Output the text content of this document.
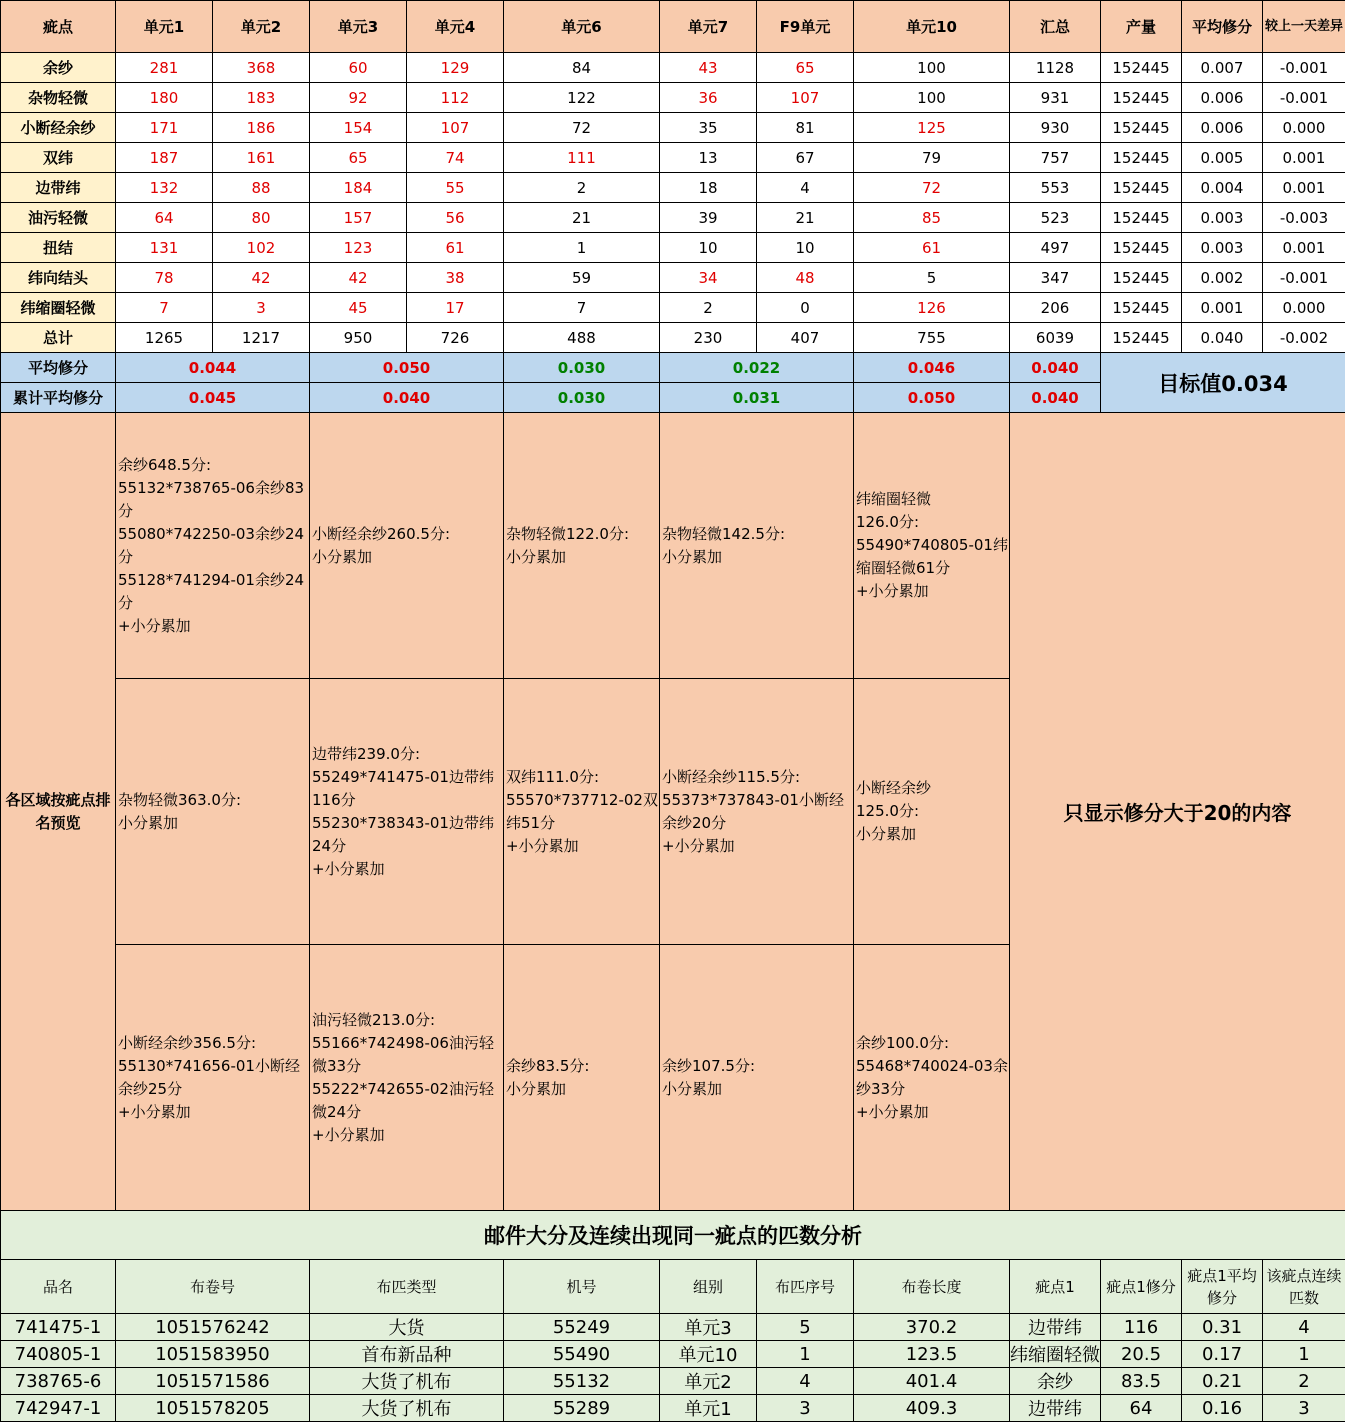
疵点	单元1	单元2	单元3	单元4	单元6	单元7	F9单元	单元10	汇总	产量	平均修分	较上一天差异
余纱	281	368	60	129	84	43	65	100	1128	152445	0.007	-0.001
杂物轻微	180	183	92	112	122	36	107	100	931	152445	0.006	-0.001
小断经余纱	171	186	154	107	72	35	81	125	930	152445	0.006	0.000
双纬	187	161	65	74	111	13	67	79	757	152445	0.005	0.001
边带纬	132	88	184	55	2	18	4	72	553	152445	0.004	0.001
油污轻微	64	80	157	56	21	39	21	85	523	152445	0.003	-0.003
扭结	131	102	123	61	1	10	10	61	497	152445	0.003	0.001
纬向结头	78	42	42	38	59	34	48	5	347	152445	0.002	-0.001
纬缩圈轻微	7	3	45	17	7	2	0	126	206	152445	0.001	0.000
总计	1265	1217	950	726	488	230	407	755	6039	152445	0.040	-0.002
平均修分	0.044		0.050		0.030	0.022		0.046	0.040	目标值0.034		
累计平均修分	0.045		0.040		0.030	0.031		0.050	0.040			
各区域按疵点排名预览	余纱648.5分:
55132*738765-06余纱83分
55080*742250-03余纱24分
55128*741294-01余纱24分
+小分累加		小断经余纱260.5分:
小分累加		杂物轻微122.0分:
小分累加	杂物轻微142.5分:
小分累加		纬缩圈轻微
126.0分:
55490*740805-01纬缩圈轻微61分
+小分累加	只显示修分大于20的内容			
	杂物轻微363.0分:
小分累加		边带纬239.0分:
55249*741475-01边带纬116分
55230*738343-01边带纬24分
+小分累加		双纬111.0分:
55570*737712-02双纬51分
+小分累加	小断经余纱115.5分:
55373*737843-01小断经余纱20分
+小分累加		小断经余纱
125.0分:
小分累加				
	小断经余纱356.5分:
55130*741656-01小断经余纱25分
+小分累加		油污轻微213.0分:
55166*742498-06油污轻微33分
55222*742655-02油污轻微24分
+小分累加		余纱83.5分:
小分累加	余纱107.5分:
小分累加		余纱100.0分:
55468*740024-03余纱33分
+小分累加				
邮件大分及连续出现同一疵点的匹数分析												
品名	布卷号		布匹类型		机号	组别	布匹序号	布卷长度	疵点1	疵点1修分	疵点1平均修分	该疵点连续匹数
741475-1	1051576242		大货		55249	单元3	5	370.2	边带纬	116	0.31	4
740805-1	1051583950		首布新品种		55490	单元10	1	123.5	纬缩圈轻微	20.5	0.17	1
738765-6	1051571586		大货了机布		55132	单元2	4	401.4	余纱	83.5	0.21	2
742947-1	1051578205		大货了机布		55289	单元1	3	409.3	边带纬	64	0.16	3
